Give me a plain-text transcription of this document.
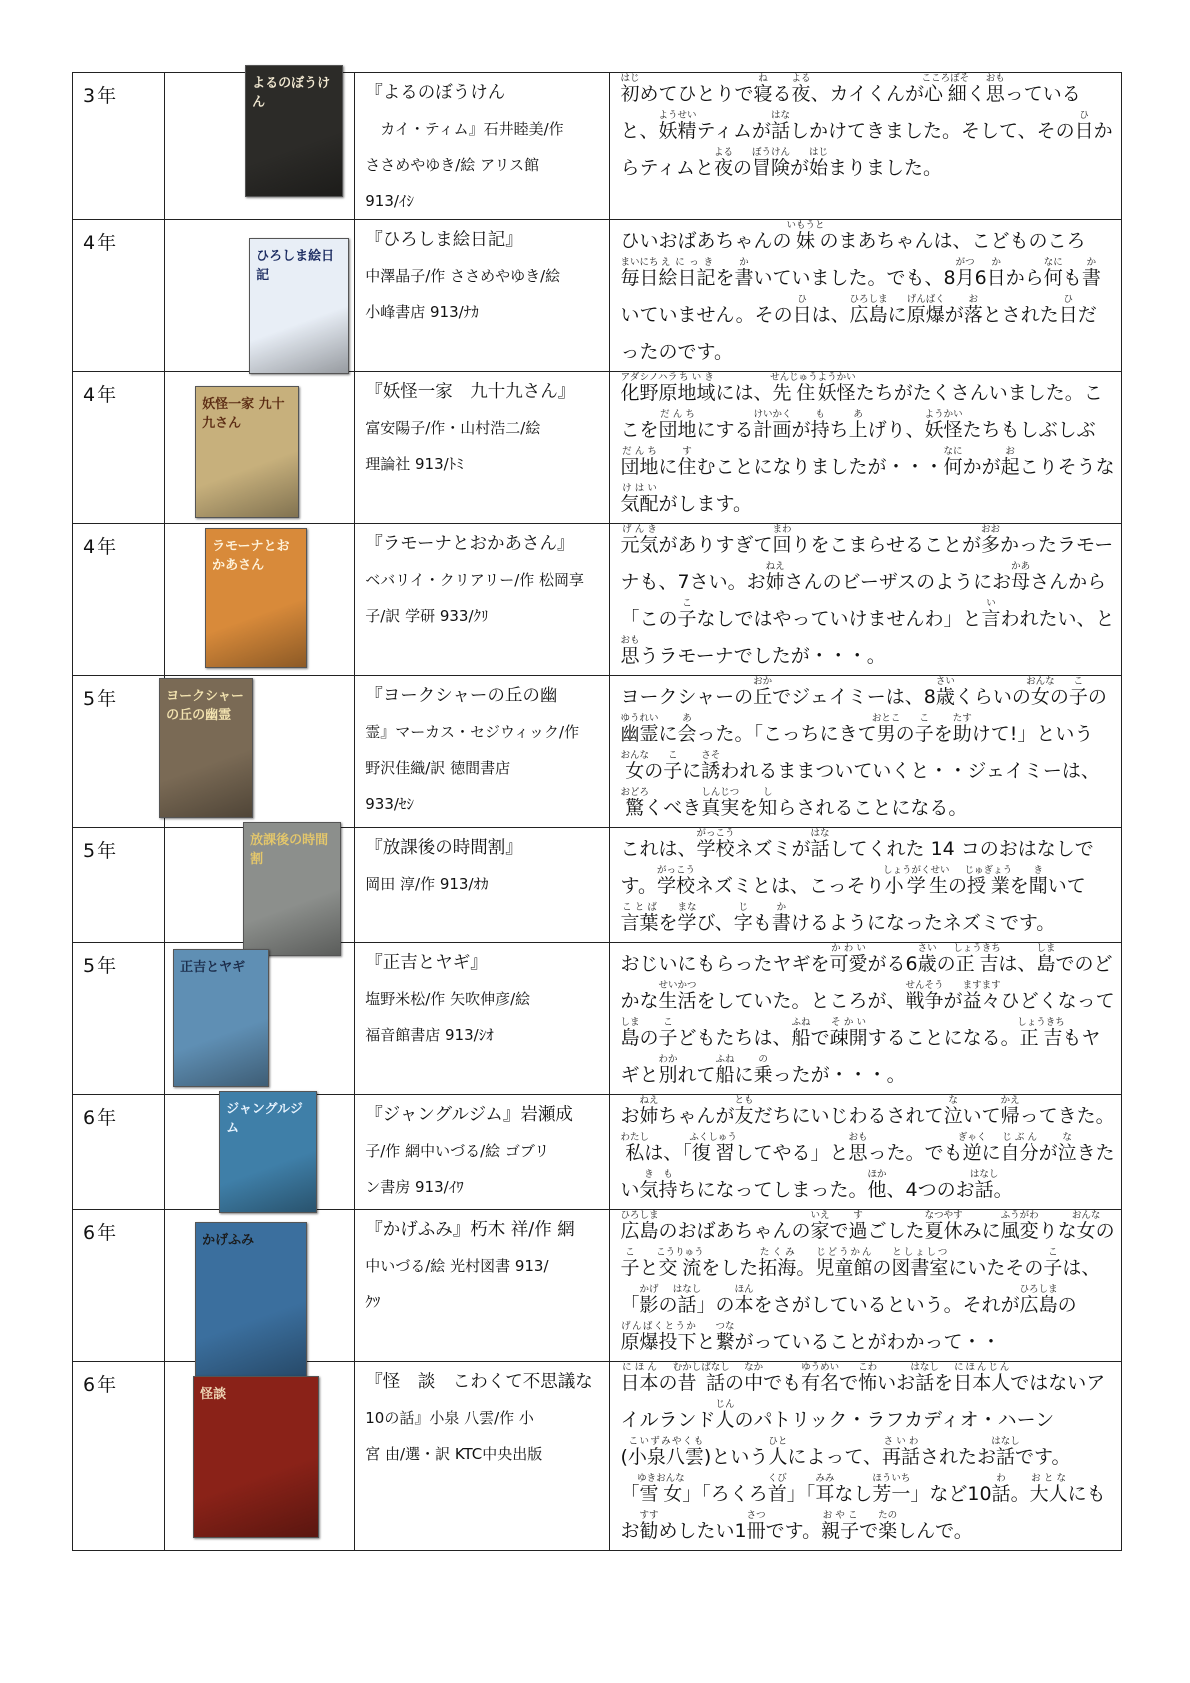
3年	よるのぼうけん	『よるのぼうけん
　カイ・ティム』石井睦美/作
ささめやゆき/絵 アリス館
913/ｲｼ	初はじめてひとりで寝ねる夜よる、カイくんが心細こころぼそく思おもっていると、妖精ようせいティムが話はなしかけてきました。そして、その日ひからティムと夜よるの冒険ぼうけんが始はじまりました。

4年	ひろしま絵日記	『ひろしま絵日記』
中澤晶子/作 ささめやゆき/絵
小峰書店 913/ﾅｶ	ひいおばあちゃんの妹いもうとのまあちゃんは、こどものころ毎日まいにち絵日記えにっきを書かいていました。でも、8月がつ6日かから何なにも書かいていません。その日ひは、広島ひろしまに原爆げんばくが落おとされた日ひだったのです。

4年	妖怪一家 九十九さん	『妖怪一家　九十九さん』
富安陽子/作・山村浩二/絵
理論社 913/ﾄﾐ	化野原アダシノハラ地域ちいきには、先住せんじゅう妖怪ようかいたちがたくさんいました。ここを団地だんちにする計画けいかくが持もち上あげり、妖怪ようかいたちもしぶしぶ団地だんちに住すむことになりましたが・・・何なにかが起おこりそうな気配けはいがします。

4年	ラモーナとおかあさん	『ラモーナとおかあさん』
ベバリイ・クリアリー/作 松岡享
子/訳 学研 933/ｸﾘ	元気げんきがありすぎて回まわりをこまらせることが多おおかったラモーナも、7さい。お姉ねえさんのビーザスのようにお母かあさんから「この子こなしではやっていけませんわ」と言いわれたい、と思おもうラモーナでしたが・・・。

5年	ヨークシャーの丘の幽霊	『ヨークシャーの丘の幽
霊』マーカス・セジウィック/作
野沢佳織/訳 徳間書店
933/ｾｼ	ヨークシャーの丘おかでジェイミーは、8歳さいくらいの女おんなの子この幽霊ゆうれいに会あった。「こっちにきて男おとこの子こを助たすけて!」という女おんなの子こに誘さそわれるままついていくと・・ジェイミーは、驚おどろくべき真実しんじつを知しらされることになる。

5年	放課後の時間割	『放課後の時間割』
岡田 淳/作 913/ｵｶ	これは、学校がっこうネズミが話はなしてくれた 14 コのおはなしです。学校がっこうネズミとは、こっそり小学生しょうがくせいの授業じゅぎょうを聞きいて言葉ことばを学まなび、字じも書かけるようになったネズミです。

5年	正吉とヤギ	『正吉とヤギ』
塩野米松/作 矢吹伸彦/絵
福音館書店 913/ｼｵ	おじいにもらったヤギを可愛かわいがる6歳さいの正吉しょうきちは、島しまでのどかな生活せいかつをしていた。ところが、戦争せんそうが益々ますますひどくなって島しまの子こどもたちは、船ふねで疎開そかいすることになる。正吉しょうきちもヤギと別わかれて船ふねに乗のったが・・・。

6年	ジャングルジム	『ジャングルジム』岩瀬成
子/作 網中いづる/絵 ゴブリ
ン書房 913/ｲﾜ	お姉ねえちゃんが友ともだちにいじわるされて泣ないて帰かえってきた。私わたしは、「復習ふくしゅうしてやる」と思おもった。でも逆ぎゃくに自分じぶんが泣なきたい気持きもちになってしまった。他ほか、4つのお話はなし。

6年	かげふみ	『かげふみ』朽木 祥/作 網
中いづる/絵 光村図書 913/
ｸﾂ	広島ひろしまのおばあちゃんの家いえで過すごした夏休なつやすみに風変ふうがわりな女おんなの子こと交流こうりゅうをした拓海たくみ。児童館じどうかんの図書室としょしつにいたその子こは、「影かげの話はなし」の本ほんをさがしているという。それが広島ひろしまの原爆投下げんばくとうかと繋つながっていることがわかって・・

6年	怪談	『怪　談　こわくて不思議な
10の話』小泉 八雲/作 小
宮 由/選・訳 KTC中央出版	日本にほんの昔むかし話ばなしの中なかでも有名ゆうめいで怖こわいお話はなしを日本人にほんじんではないアイルランド人じんのパトリック・ラフカディオ・ハーン(小泉八雲こいずみやくも)という人ひとによって、再話さいわされたお話はなしです。「雪女ゆきおんな」「ろくろ首くび」「耳みみなし芳一ほういち」など10話わ。大人おとなにもお勧すすめしたい1冊さつです。親子おやこで楽たのしんで。
